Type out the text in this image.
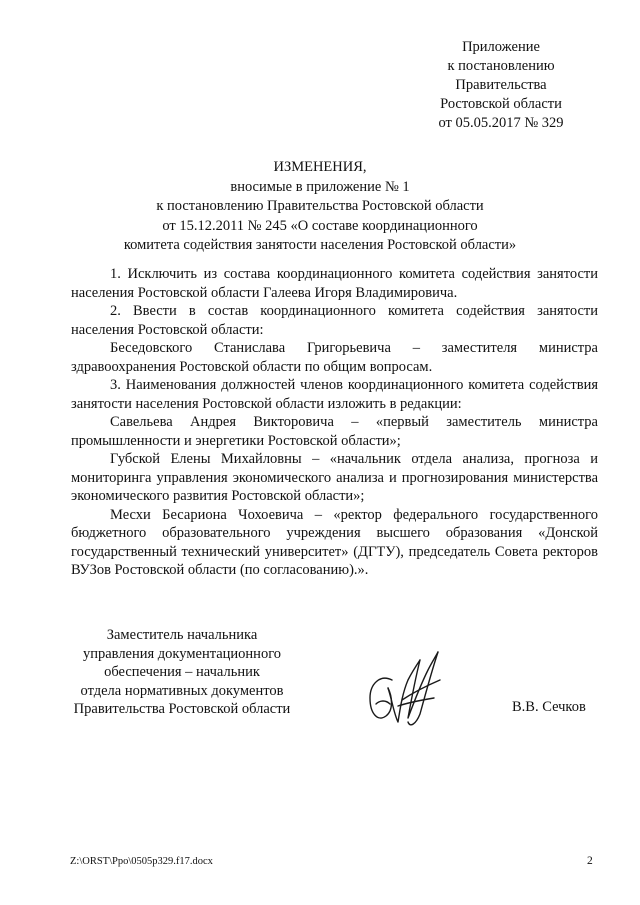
Приложение
к постановлению
Правительства
Ростовской области
от 05.05.2017 № 329
ИЗМЕНЕНИЯ,
вносимые в приложение № 1
к постановлению Правительства Ростовской области
от 15.12.2011 № 245 «О составе координационного
комитета содействия занятости населения Ростовской области»

1. Исключить из состава координационного комитета содействия занятости населения Ростовской области Галеева Игоря Владимировича.

2. Ввести в состав координационного комитета содействия занятости населения Ростовской области:

Беседовского Станислава Григорьевича – заместителя министра здравоохранения Ростовской области по общим вопросам.

3. Наименования должностей членов координационного комитета содействия занятости населения Ростовской области изложить в редакции:

Савельева Андрея Викторовича – «первый заместитель министра промышленности и энергетики Ростовской области»;

Губской Елены Михайловны – «начальник отдела анализа, прогноза и мониторинга управления экономического анализа и прогнозирования министерства экономического развития Ростовской области»;

Месхи Бесариона Чохоевича – «ректор федерального государственного бюджетного образовательного учреждения высшего образования «Донской государственный технический университет» (ДГТУ), председатель Совета ректоров ВУЗов Ростовской области (по согласованию).».

Заместитель начальника
управления документационного
обеспечения – начальник
отдела нормативных документов
Правительства Ростовской области	В.В. Сечков
Z:\ORST\Ppo\0505p329.f17.docx	2
